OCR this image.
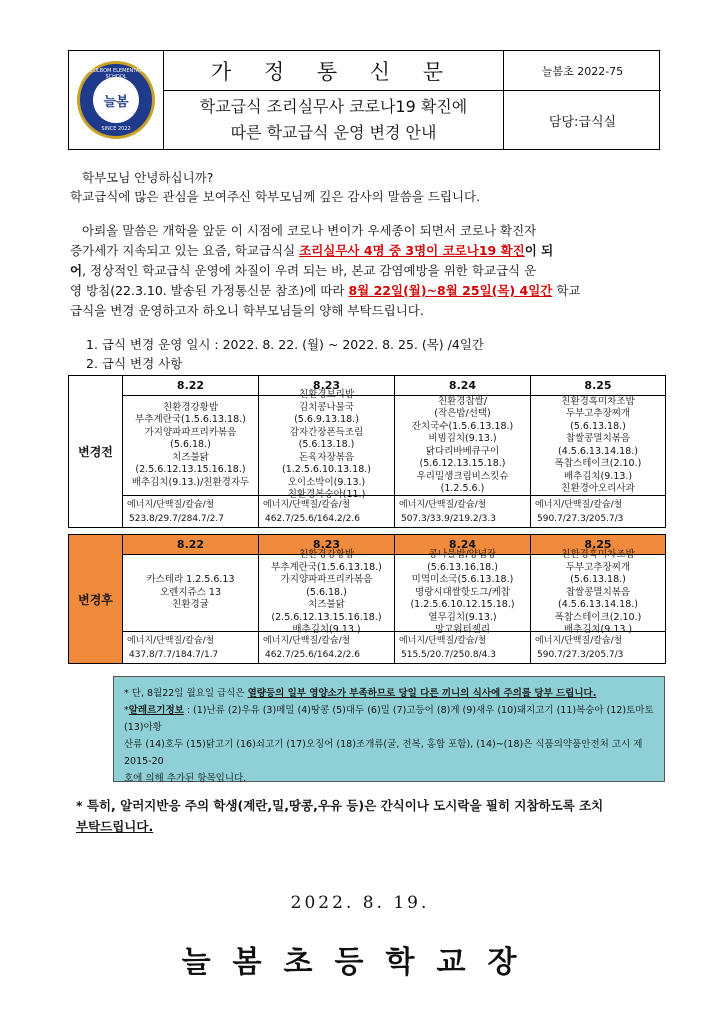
NEULBOM ELEMENTARY SCHOOL
늘봄
SINCE 2022
가 정 통 신 문
학교급식 조리실무사 코로나19 확진에
따른 학교급식 운영 변경 안내
늘봄초 2022-75
담당:급식실
학부모님 안녕하십니까?
학교급식에 많은 관심을 보여주신 학부모님께 깊은 감사의 말씀을 드립니다.
아뢰올 말씀은 개학을 앞둔 이 시점에 코로나 변이가 우세종이 되면서 코로나 확진자
증가세가 지속되고 있는 요즘, 학교급식실 조리실무사 4명 중 3명이 코로나19 확진이 되
어, 정상적인 학교급식 운영에 차질이 우려 되는 바, 본교 감염예방을 위한 학교급식 운
영 방침(22.3.10. 발송된 가정통신문 참조)에 따라 8월 22일(월)~8월 25일(목) 4일간 학교
급식을 변경 운영하고자 하오니 학부모님들의 양해 부탁드립니다.
1. 급식 변경 운영 일시 : 2022. 8. 22. (월) ~ 2022. 8. 25. (목) /4일간
2. 급식 변경 사항
변경전
8.22
친환경강황밥
부추계란국(1.5.6.13.18.)
가지양파파프리카볶음
(5.6.18.)
치즈불닭
(2.5.6.12.13.15.16.18.)
배추김치(9.13.)/친환경자두
에너지/단백질/칼슘/철
523.8/29.7/284.7/2.7
8.23
친환경보리밥
김치콩나물국
(5.6.9.13.18.)
감자간장폰득조림
(5.6.13.18.)
돈육자장볶음
(1.2.5.6.10.13.18.)
오이소박이(9.13.)
친환경복숭아(11.)
에너지/단백질/칼슘/철
462.7/25.6/164.2/2.6
8.24
친환경찹쌀/
(작은밥/선택)
잔치국수(1.5.6.13.18.)
비빔김치(9.13.)
닭다리바베큐구이
(5.6.12.13.15.18.)
우리밀생크림비스킷슈
(1.2.5.6.)
에너지/단백질/칼슘/철
507.3/33.9/219.2/3.3
8.25
친환경흑미차조밥
두부고추장찌개
(5.6.13.18.)
찹쌀콩멸치볶음
(4.5.6.13.14.18.)
폭찹스테이크(2.10.)
배추김치(9.13.)
친환경아오리사과
에너지/단백질/칼슘/철
590.7/27.3/205.7/3
변경후
8.22
카스테라 1.2.5.6.13
오렌지쥬스 13
친환경귤
에너지/단백질/칼슘/철
437.8/7.7/184.7/1.7
8.23
친환경강황밥
부추계란국(1.5.6.13.18.)
가지양파파프리카볶음
(5.6.18.)
치즈불닭
(2.5.6.12.13.15.16.18.)
배추김치(9.13.)
에너지/단백질/칼슘/철
462.7/25.6/164.2/2.6
8.24
콩나물밥/양념장
(5.6.13.16.18.)
미역미소국(5.6.13.18.)
명랑시대쌀핫도그/케찹
(1.2.5.6.10.12.15.18.)
열무김치(9.13.)
망고워터젤리
에너지/단백질/칼슘/철
515.5/20.7/250.8/4.3
8.25
친환경흑미차조밥
두부고추장찌개
(5.6.13.18.)
찹쌀콩멸치볶음
(4.5.6.13.14.18.)
폭찹스테이크(2.10.)
배추김치(9.13.)
에너지/단백질/칼슘/철
590.7/27.3/205.7/3
* 단, 8월22일 월요일 급식은 열량등의 일부 영양소가 부족하므로 당일 다른 끼니의 식사에 주의를 당부 드립니다.
*알레르기정보 : (1)난류 (2)우유 (3)메밀 (4)땅콩 (5)대두 (6)밀 (7)고등어 (8)게 (9)새우 (10)돼지고기 (11)복숭아 (12)토마토 (13)아황
산류 (14)호두 (15)닭고기 (16)쇠고기 (17)오징어 (18)조개류(굴, 전복, 홍합 포함), (14)~(18)은 식품의약품안전처 고시 제2015-20
호에 의해 추가된 항목입니다.
* 특히, 알러지반응 주의 학생(계란,밀,땅콩,우유 등)은 간식이나 도시락을 필히 지참하도록 조치
부탁드립니다.
2022. 8. 19.
늘봄초등학교장
